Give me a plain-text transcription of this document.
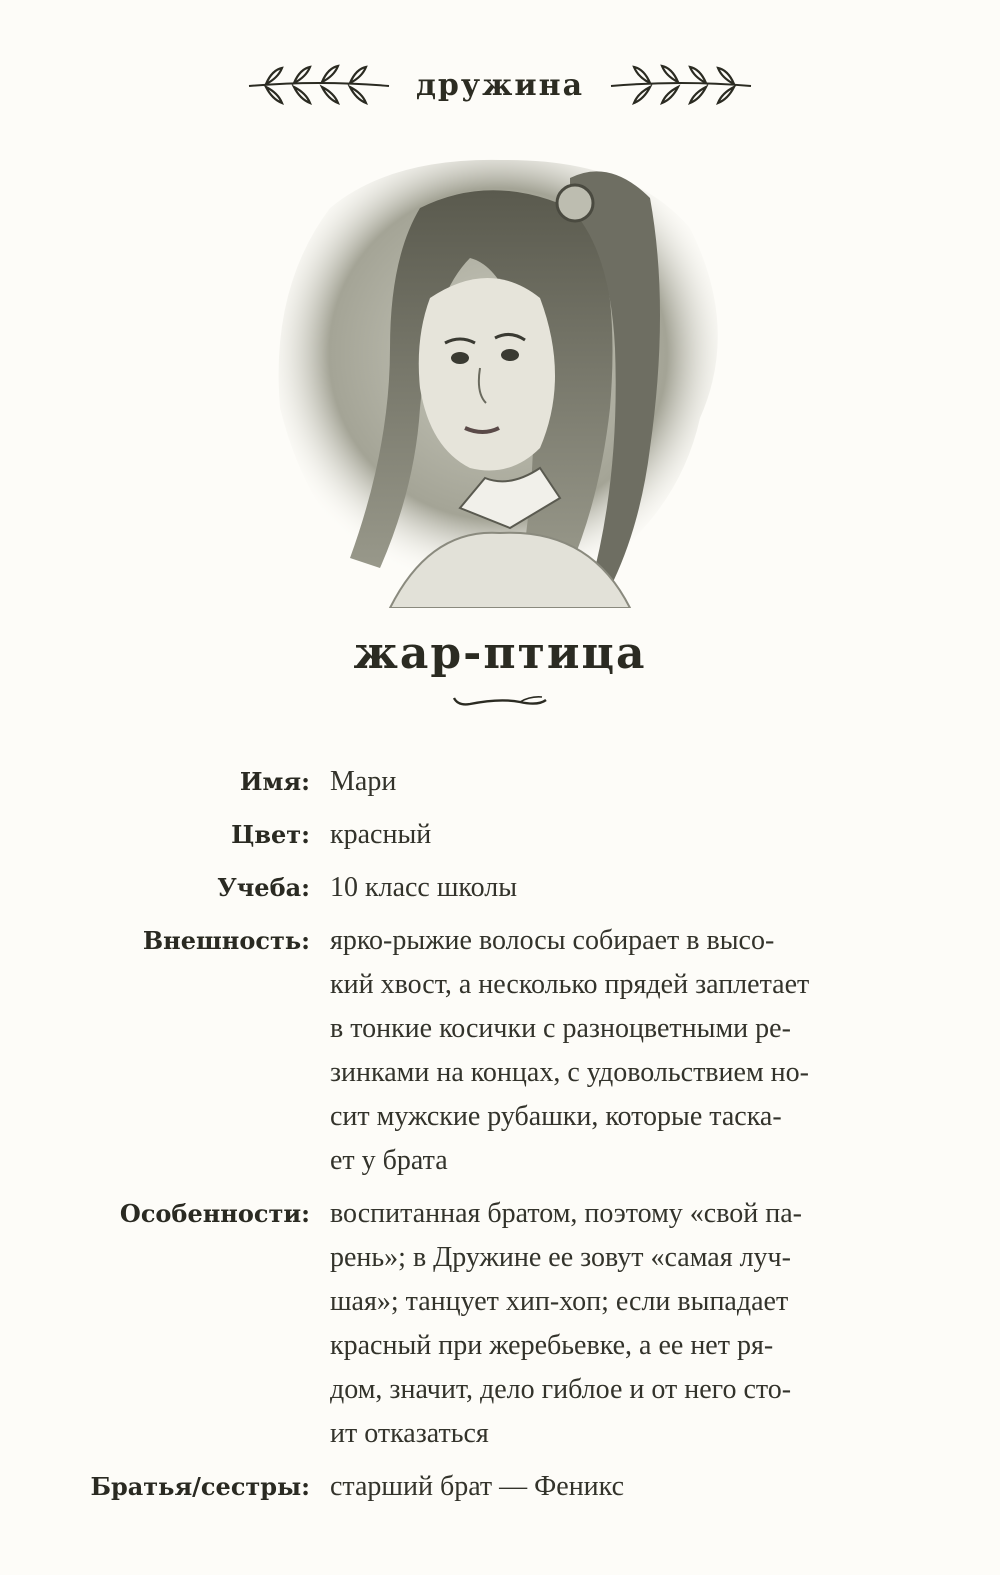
дружина
жар-птица
Имя: Мари
Цвет: красный
Учеба: 10 класс школы
Внешность: ярко-рыжие волосы собирает в высо-
кий хвост, а несколько прядей заплетает
в тонкие косички с разноцветными ре-
зинками на концах, с удовольствием но-
сит мужские рубашки, которые таска-
ет у брата
Особенности: воспитанная братом, поэтому «свой па-
рень»; в Дружине ее зовут «самая луч-
шая»; танцует хип-хоп; если выпадает
красный при жеребьевке, а ее нет ря-
дом, значит, дело гиблое и от него сто-
ит отказаться
Братья/сестры: старший брат — Феникс
